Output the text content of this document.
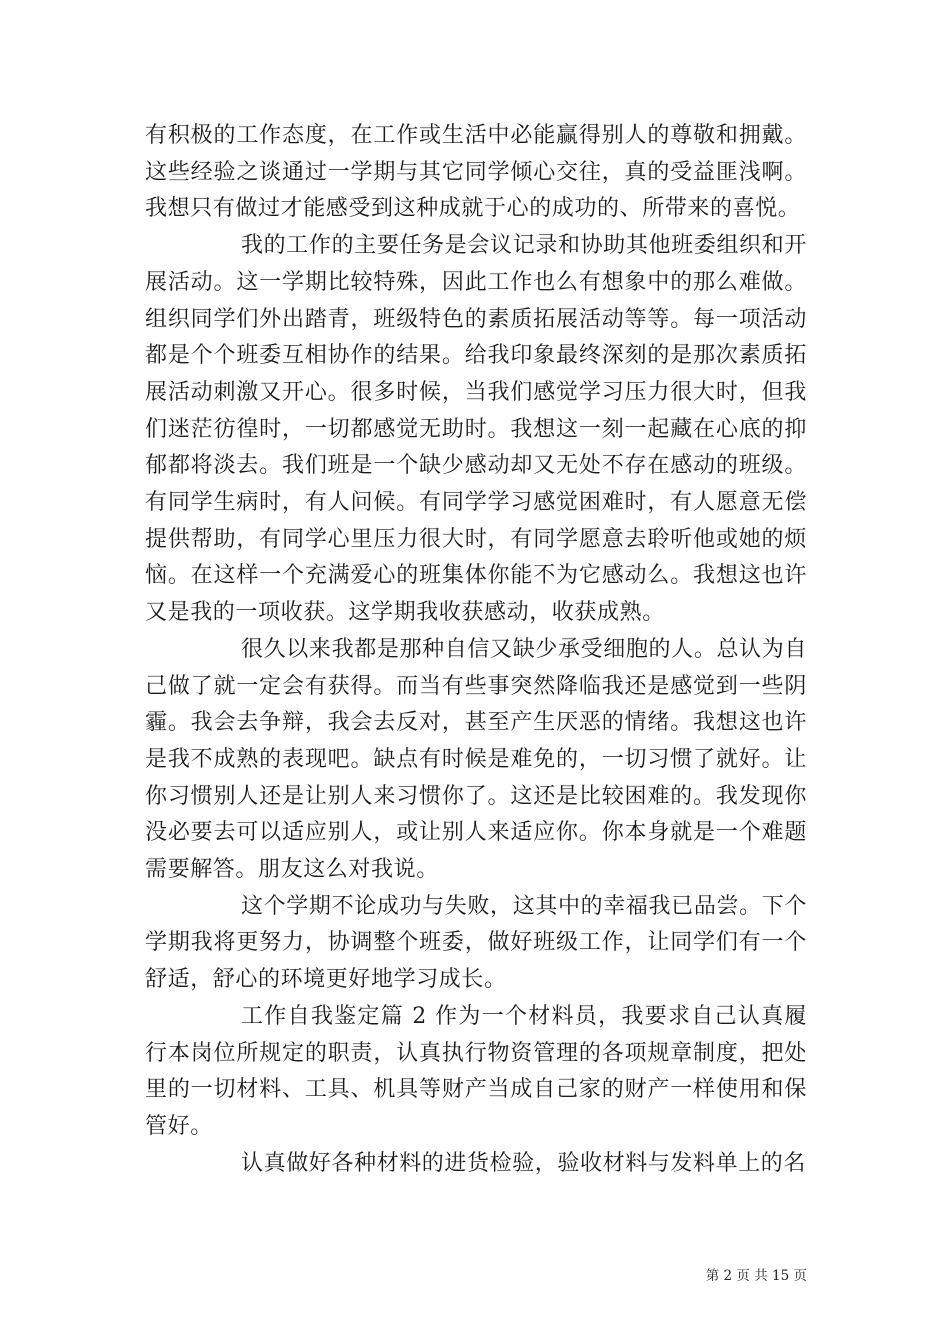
有积极的工作态度，在工作或生活中必能赢得别人的尊敬和拥戴。这些经验之谈通过一学期与其它同学倾心交往，真的受益匪浅啊。我想只有做过才能感受到这种成就于心的成功的、所带来的喜悦。

我的工作的主要任务是会议记录和协助其他班委组织和开展活动。这一学期比较特殊，因此工作也么有想象中的那么难做。组织同学们外出踏青，班级特色的素质拓展活动等等。每一项活动都是个个班委互相协作的结果。给我印象最终深刻的是那次素质拓展活动刺激又开心。很多时候，当我们感觉学习压力很大时，但我们迷茫彷徨时，一切都感觉无助时。我想这一刻一起藏在心底的抑郁都将淡去。我们班是一个缺少感动却又无处不存在感动的班级。有同学生病时，有人问候。有同学学习感觉困难时，有人愿意无偿提供帮助，有同学心里压力很大时，有同学愿意去聆听他或她的烦恼。在这样一个充满爱心的班集体你能不为它感动么。我想这也许又是我的一项收获。这学期我收获感动，收获成熟。

很久以来我都是那种自信又缺少承受细胞的人。总认为自己做了就一定会有获得。而当有些事突然降临我还是感觉到一些阴霾。我会去争辩，我会去反对，甚至产生厌恶的情绪。我想这也许是我不成熟的表现吧。缺点有时候是难免的，一切习惯了就好。让你习惯别人还是让别人来习惯你了。这还是比较困难的。我发现你没必要去可以适应别人，或让别人来适应你。你本身就是一个难题需要解答。朋友这么对我说。

这个学期不论成功与失败，这其中的幸福我已品尝。下个学期我将更努力，协调整个班委，做好班级工作，让同学们有一个舒适，舒心的环境更好地学习成长。

工作自我鉴定篇 2 作为一个材料员，我要求自己认真履行本岗位所规定的职责，认真执行物资管理的各项规章制度，把处里的一切材料、工具、机具等财产当成自己家的财产一样使用和保管好。

认真做好各种材料的进货检验，验收材料与发料单上的名

第 2 页 共 15 页
